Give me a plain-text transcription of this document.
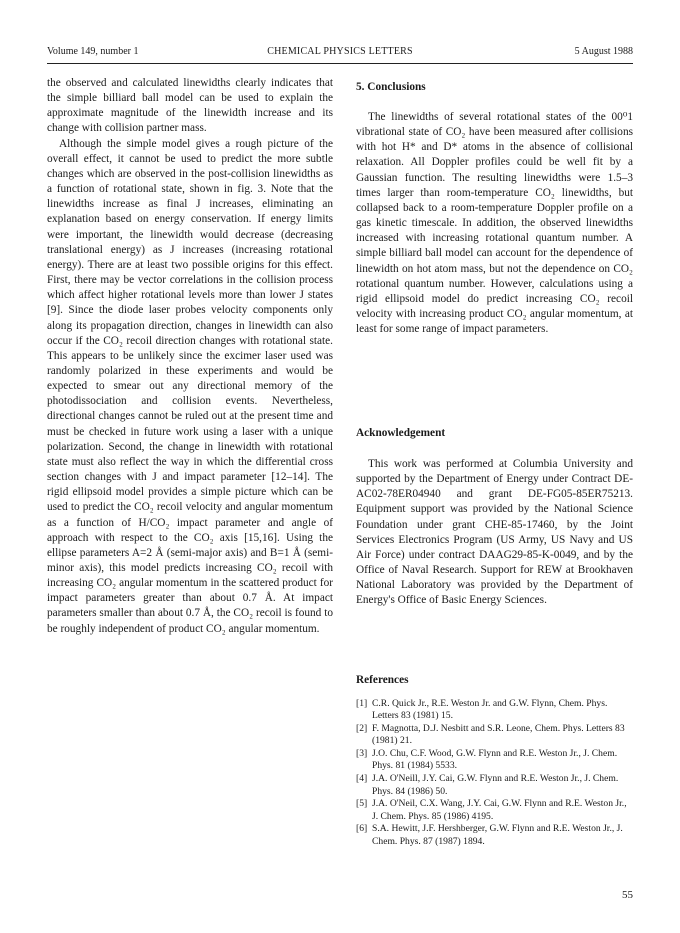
Volume 149, number 1	CHEMICAL PHYSICS LETTERS	5 August 1988

the observed and calculated linewidths clearly indicates that the simple billiard ball model can be used to explain the approximate magnitude of the linewidth increase and its change with collision partner mass.

Although the simple model gives a rough picture of the overall effect, it cannot be used to predict the more subtle changes which are observed in the post-collision linewidths as a function of rotational state, shown in fig. 3. Note that the linewidths increase as final J increases, eliminating an explanation based on energy conservation. If energy limits were important, the linewidth would decrease (decreasing translational energy) as J increases (increasing rotational energy). There are at least two possible origins for this effect. First, there may be vector correlations in the collision process which affect higher rotational levels more than lower J states [9]. Since the diode laser probes velocity components only along its propagation direction, changes in linewidth can also occur if the CO₂ recoil direction changes with rotational state. This appears to be unlikely since the excimer laser used was randomly polarized in these experiments and would be expected to smear out any directional memory of the photodissociation and collision events. Nevertheless, directional changes cannot be ruled out at the present time and must be checked in future work using a laser with a unique polarization. Second, the change in linewidth with rotational state must also reflect the way in which the differential cross section changes with J and impact parameter [12–14]. The rigid ellipsoid model provides a simple picture which can be used to predict the CO₂ recoil velocity and angular momentum as a function of H/CO₂ impact parameter and angle of approach with respect to the CO₂ axis [15,16]. Using the ellipse parameters A=2 Å (semi-major axis) and B=1 Å (semi-minor axis), this model predicts increasing CO₂ recoil with increasing CO₂ angular momentum in the scattered product for impact parameters greater than about 0.7 Å. At impact parameters smaller than about 0.7 Å, the CO₂ recoil is found to be roughly independent of product CO₂ angular momentum.

5. Conclusions

The linewidths of several rotational states of the 00⁰1 vibrational state of CO₂ have been measured after collisions with hot H* and D* atoms in the absence of collisional relaxation. All Doppler profiles could be well fit by a Gaussian function. The resulting linewidths were 1.5–3 times larger than room-temperature CO₂ linewidths, but collapsed back to a room-temperature Doppler profile on a gas kinetic timescale. In addition, the observed linewidths increased with increasing rotational quantum number. A simple billiard ball model can account for the dependence of linewidth on hot atom mass, but not the dependence on CO₂ rotational quantum number. However, calculations using a rigid ellipsoid model do predict increasing CO₂ recoil velocity with increasing product CO₂ angular momentum, at least for some range of impact parameters.

Acknowledgement

This work was performed at Columbia University and supported by the Department of Energy under Contract DE-AC02-78ER04940 and grant DE-FG05-85ER75213. Equipment support was provided by the National Science Foundation under grant CHE-85-17460, by the Joint Services Electronics Program (US Army, US Navy and US Air Force) under contract DAAG29-85-K-0049, and by the Office of Naval Research. Support for REW at Brookhaven National Laboratory was provided by the Department of Energy's Office of Basic Energy Sciences.

References
[1] C.R. Quick Jr., R.E. Weston Jr. and G.W. Flynn, Chem. Phys. Letters 83 (1981) 15.
[2] F. Magnotta, D.J. Nesbitt and S.R. Leone, Chem. Phys. Letters 83 (1981) 21.
[3] J.O. Chu, C.F. Wood, G.W. Flynn and R.E. Weston Jr., J. Chem. Phys. 81 (1984) 5533.
[4] J.A. O'Neill, J.Y. Cai, G.W. Flynn and R.E. Weston Jr., J. Chem. Phys. 84 (1986) 50.
[5] J.A. O'Neil, C.X. Wang, J.Y. Cai, G.W. Flynn and R.E. Weston Jr., J. Chem. Phys. 85 (1986) 4195.
[6] S.A. Hewitt, J.F. Hershberger, G.W. Flynn and R.E. Weston Jr., J. Chem. Phys. 87 (1987) 1894.
55
